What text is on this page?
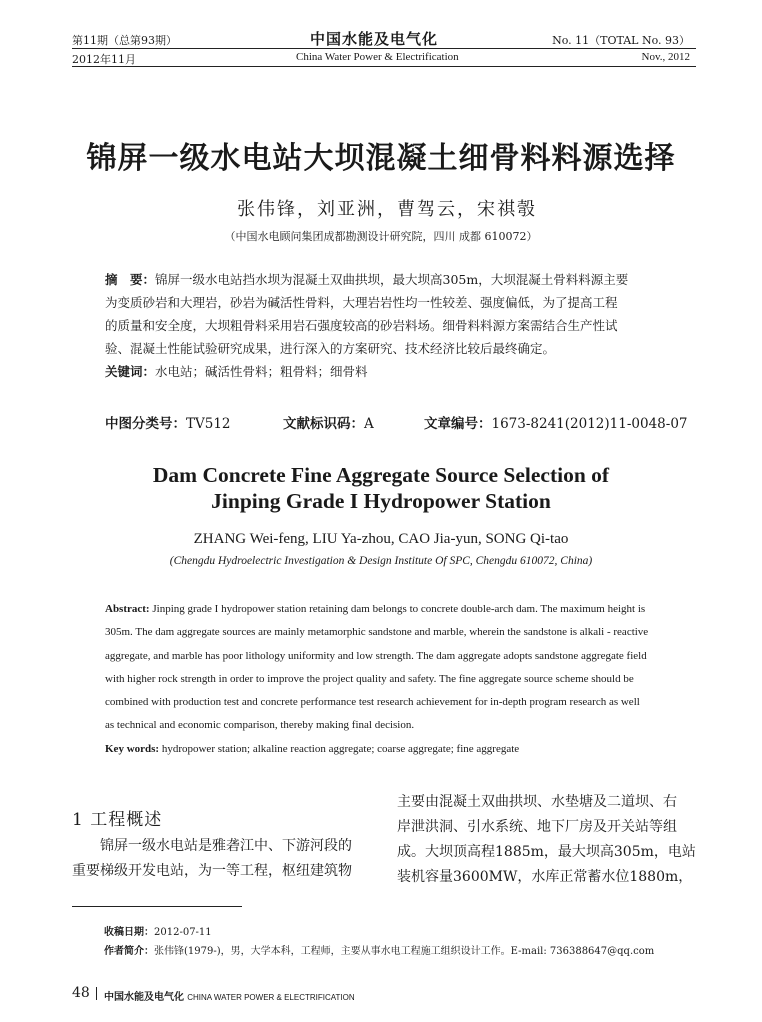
第11期（总第93期）	中国水能及电气化	No. 11（TOTAL No. 93）
2012年11月	China Water Power & Electrification	Nov., 2012
锦屏一级水电站大坝混凝土细骨料料源选择
张伟锋，刘亚洲，曹驾云，宋祺彀
（中国水电顾问集团成都勘测设计研究院，四川 成都 610072）
摘　要：锦屏一级水电站挡水坝为混凝土双曲拱坝，最大坝高305m，大坝混凝土骨料料源主要
为变质砂岩和大理岩，砂岩为碱活性骨料，大理岩岩性均一性较差、强度偏低，为了提高工程
的质量和安全度，大坝粗骨料采用岩石强度较高的砂岩料场。细骨料料源方案需结合生产性试
验、混凝土性能试验研究成果，进行深入的方案研究、技术经济比较后最终确定。
关键词：水电站；碱活性骨料；粗骨料；细骨料
中图分类号：TV512	文献标识码：A	文章编号：1673-8241(2012)11-0048-07
Dam Concrete Fine Aggregate Source Selection of
Jinping Grade I Hydropower Station
ZHANG Wei-feng, LIU Ya-zhou, CAO Jia-yun, SONG Qi-tao
(Chengdu Hydroelectric Investigation & Design Institute Of SPC, Chengdu 610072, China)
Abstract: Jinping grade I hydropower station retaining dam belongs to concrete double-arch dam. The maximum height is
305m. The dam aggregate sources are mainly metamorphic sandstone and marble, wherein the sandstone is alkali - reactive
aggregate, and marble has poor lithology uniformity and low strength. The dam aggregate adopts sandstone aggregate field
with higher rock strength in order to improve the project quality and safety. The fine aggregate source scheme should be
combined with production test and concrete performance test research achievement for in-depth program research as well
as technical and economic comparison, thereby making final decision.
Key words: hydropower station; alkaline reaction aggregate; coarse aggregate; fine aggregate
1 工程概述
　　锦屏一级水电站是雅砻江中、下游河段的
重要梯级开发电站，为一等工程，枢纽建筑物
主要由混凝土双曲拱坝、水垫塘及二道坝、右
岸泄洪洞、引水系统、地下厂房及开关站等组
成。大坝顶高程1885m，最大坝高305m，电站
装机容量3600MW，水库正常蓄水位1880m，
收稿日期：2012-07-11
作者简介：张伟锋(1979-)，男，大学本科，工程师，主要从事水电工程施工组织设计工作。E-mail: 736388647@qq.com
48 中国水能及电气化 CHINA WATER POWER & ELECTRIFICATION
